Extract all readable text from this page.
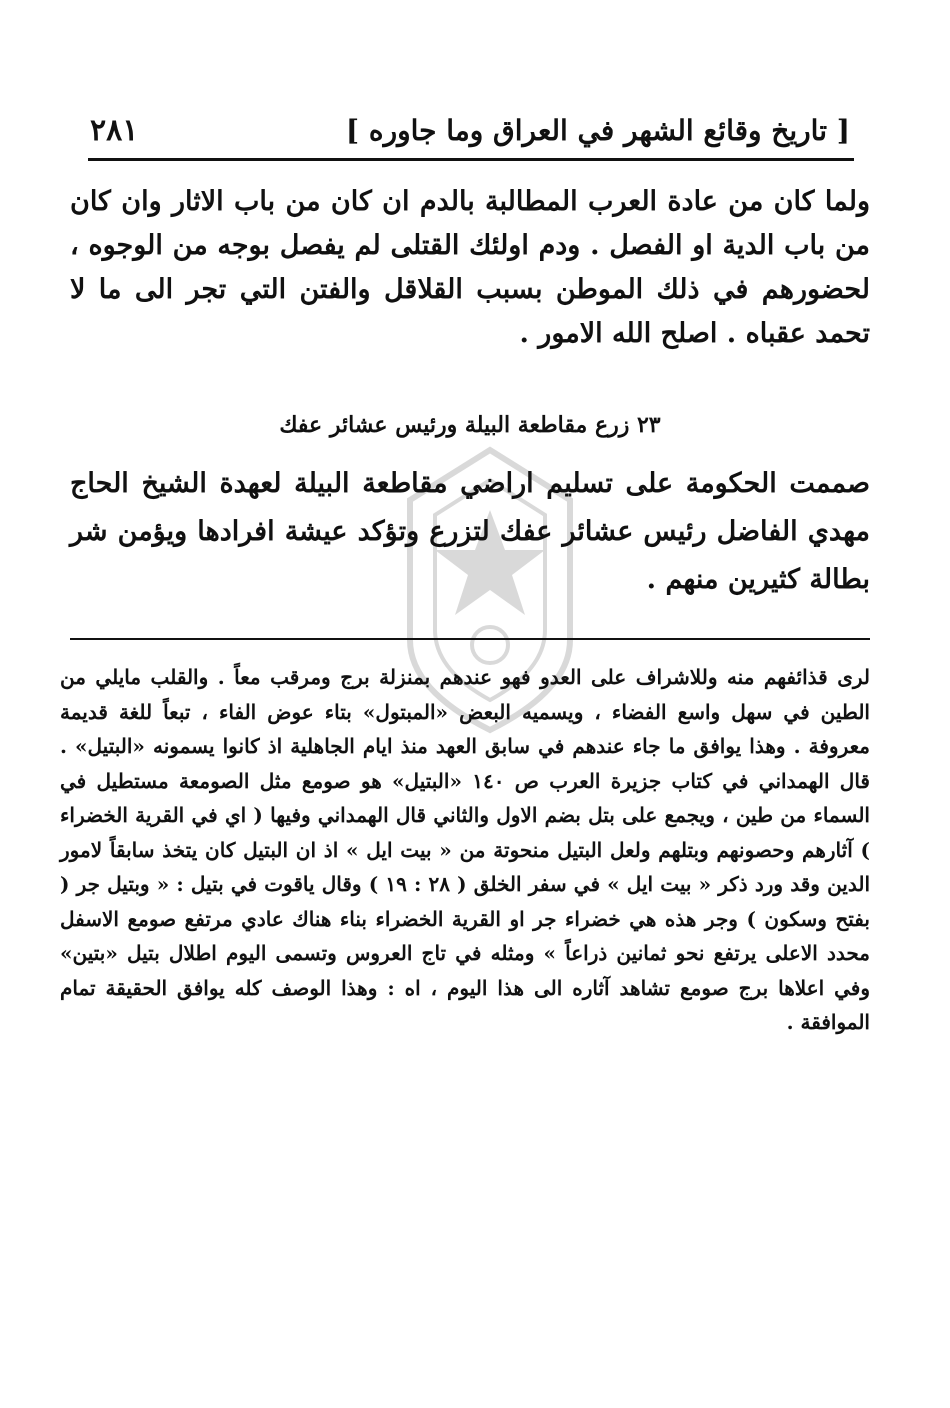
[ تاريخ وقائع الشهر في العراق وما جاوره ]
٢٨١

ولما كان من عادة العرب المطالبة بالدم ان كان من باب الاثار وان كان من باب الدية او الفصل . ودم اولئك القتلى لم يفصل بوجه من الوجوه ، لحضورهم في ذلك الموطن بسبب القلاقل والفتن التي تجر الى ما لا تحمد عقباه . اصلح الله الامور .

٢٣ زرع مقاطعة البيلة ورئيس عشائر عفك

صممت الحكومة على تسليم اراضي مقاطعة البيلة لعهدة الشيخ الحاج مهدي الفاضل رئيس عشائر عفك لتزرع وتؤكد عيشة افرادها ويؤمن شر بطالة كثيرين منهم .

لرى قذائفهم منه وللاشراف على العدو فهو عندهم بمنزلة برج ومرقب معاً . والقلب مايلي من الطين في سهل واسع الفضاء ، ويسميه البعض «المبتول» بتاء عوض الفاء ، تبعاً للغة قديمة معروفة . وهذا يوافق ما جاء عندهم في سابق العهد منذ ايام الجاهلية اذ كانوا يسمونه «البتيل» . قال الهمداني في كتاب جزيرة العرب ص ١٤٠ «البتيل» هو صومع مثل الصومعة مستطيل في السماء من طين ، ويجمع على بتل بضم الاول والثاني قال الهمداني وفيها ( اي في القرية الخضراء ) آثارهم وحصونهم وبتلهم ولعل البتيل منحوتة من « بيت ايل » اذ ان البتيل كان يتخذ سابقاً لامور الدين وقد ورد ذكر « بيت ايل » في سفر الخلق ( ٢٨ : ١٩ ) وقال ياقوت في بتيل : « وبتيل جر ( بفتح وسكون ) وجر هذه هي خضراء جر او القرية الخضراء بناء هناك عادي مرتفع صومع الاسفل محدد الاعلى يرتفع نحو ثمانين ذراعاً » ومثله في تاج العروس وتسمى اليوم اطلال بتيل «بتين» وفي اعلاها برج صومع تشاهد آثاره الى هذا اليوم ، اه : وهذا الوصف كله يوافق الحقيقة تمام الموافقة .
